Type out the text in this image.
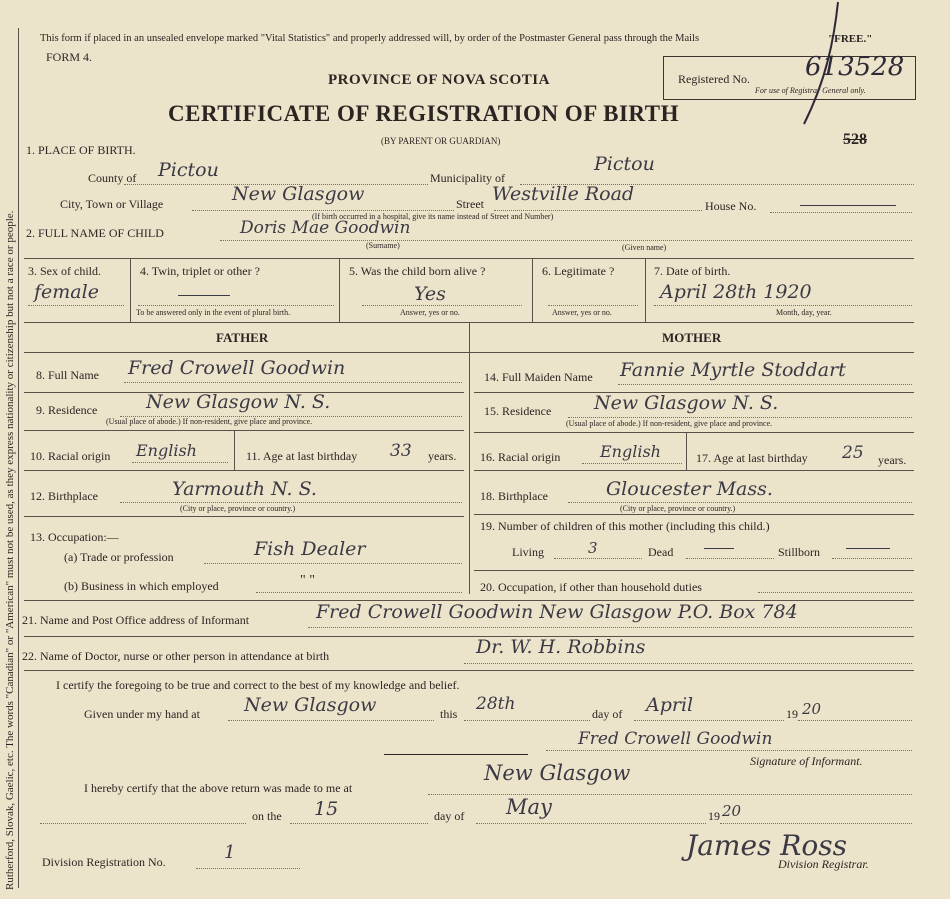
Rutherford, Slovak, Gaelic, etc. The words "Canadian" or "American" must not be used, as they express nationality or citizenship but not a race or people.
This form if placed in an unsealed envelope marked "Vital Statistics" and properly addressed will, by order of the Postmaster General pass through the Mails	"FREE."
FORM 4.
PROVINCE OF NOVA SCOTIA
CERTIFICATE OF REGISTRATION OF BIRTH
(BY PARENT OR GUARDIAN)
Registered No.
For use of Registrar General only.
613528
528
1. PLACE OF BIRTH.
County of Pictou	Municipality of
Pictou
City, Town or Village	New Glasgow	Street Westville Road
House No.
(If birth occurred in a hospital, give its name instead of Street and Number)
2. FULL NAME OF CHILD	Doris Mae Goodwin
(Surname)	(Given name)
3. Sex of child.
female
4. Twin, triplet or other ?
To be answered only in the event of plural birth.
5. Was the child born alive ?
Yes
Answer, yes or no.
6. Legitimate ?
Answer, yes or no.
7. Date of birth.
April 28th 1920
Month, day, year.
FATHER	MOTHER
8. Full Name Fred Crowell Goodwin
9. Residence	New Glasgow N. S.
(Usual place of abode.) If non-resident, give place and province.
10. Racial origin English	11. Age at last birthday 33 years.
12. Birthplace	Yarmouth N. S.
(City or place, province or country.)
13. Occupation:—
(a) Trade or profession	Fish Dealer
(b) Business in which employed	" "
14. Full Maiden Name Fannie Myrtle Stoddart
15. Residence New Glasgow N. S.
(Usual place of abode.) If non-resident, give place and province.
16. Racial origin English	17. Age at last birthday 25 years.
18. Birthplace	Gloucester Mass.
(City or place, province or country.)
19. Number of children of this mother (including this child.)
Living	3	Dead	Stillborn
20. Occupation, if other than household duties
21. Name and Post Office address of Informant	Fred Crowell Goodwin New Glasgow P.O. Box 784
22. Name of Doctor, nurse or other person in attendance at birth	Dr. W. H. Robbins
I certify the foregoing to be true and correct to the best of my knowledge and belief.
Given under my hand at New Glasgow	this 28th	day of April	19 20
Fred Crowell Goodwin
Signature of Informant.
I hereby certify that the above return was made to me at
New Glasgow
on the 15	day of May	19 20
Division Registration No.	1	James Ross
Division Registrar.
